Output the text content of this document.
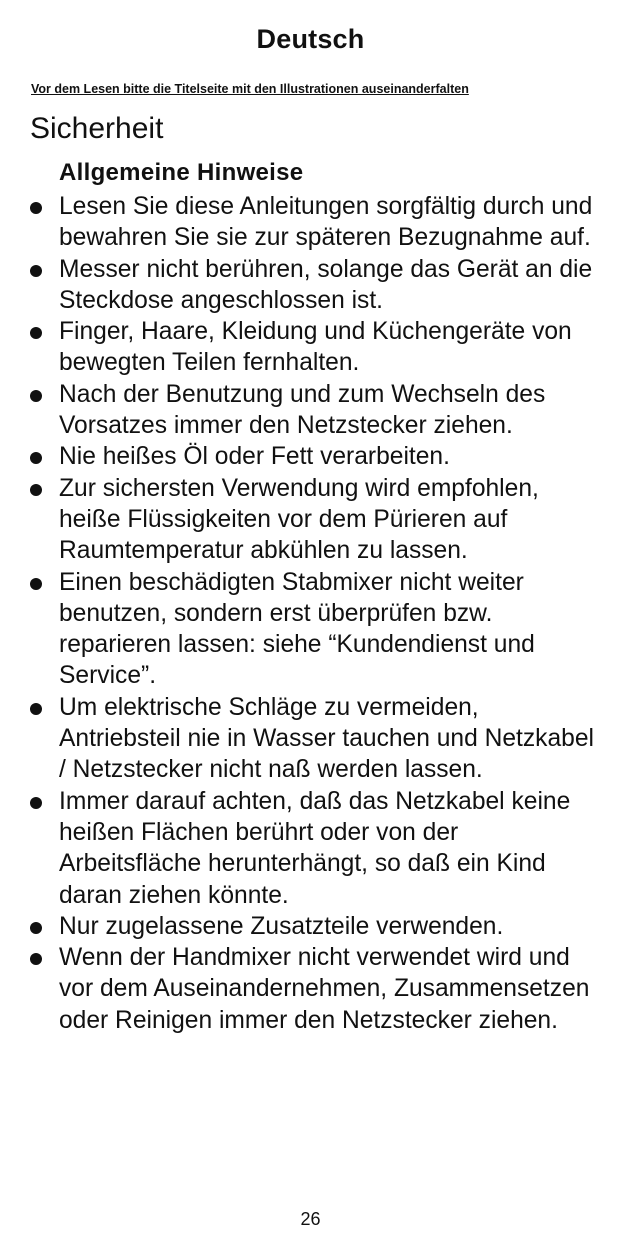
Deutsch
Vor dem Lesen bitte die Titelseite mit den Illustrationen auseinanderfalten
Sicherheit
Allgemeine Hinweise
Lesen Sie diese Anleitungen sorgfältig durch und bewahren Sie sie zur späteren Bezugnahme auf.
Messer nicht berühren, solange das Gerät an die Steckdose angeschlossen ist.
Finger, Haare, Kleidung und Küchengeräte von bewegten Teilen fernhalten.
Nach der Benutzung und zum Wechseln des Vorsatzes immer den Netzstecker ziehen.
Nie heißes Öl oder Fett verarbeiten.
Zur sichersten Verwendung wird empfohlen, heiße Flüssigkeiten vor dem Pürieren auf Raumtemperatur abkühlen zu lassen.
Einen beschädigten Stabmixer nicht weiter benutzen, sondern erst überprüfen bzw. reparieren lassen: siehe “Kundendienst und Service”.
Um elektrische Schläge zu vermeiden, Antriebsteil nie in Wasser tauchen und Netzkabel / Netzstecker nicht naß werden lassen.
Immer darauf achten, daß das Netzkabel keine heißen Flächen berührt oder von der Arbeitsfläche herunterhängt, so daß ein Kind daran ziehen könnte.
Nur zugelassene Zusatzteile verwenden.
Wenn der Handmixer nicht verwendet wird und vor dem Auseinandernehmen, Zusammensetzen oder Reinigen immer den Netzstecker ziehen.
26
